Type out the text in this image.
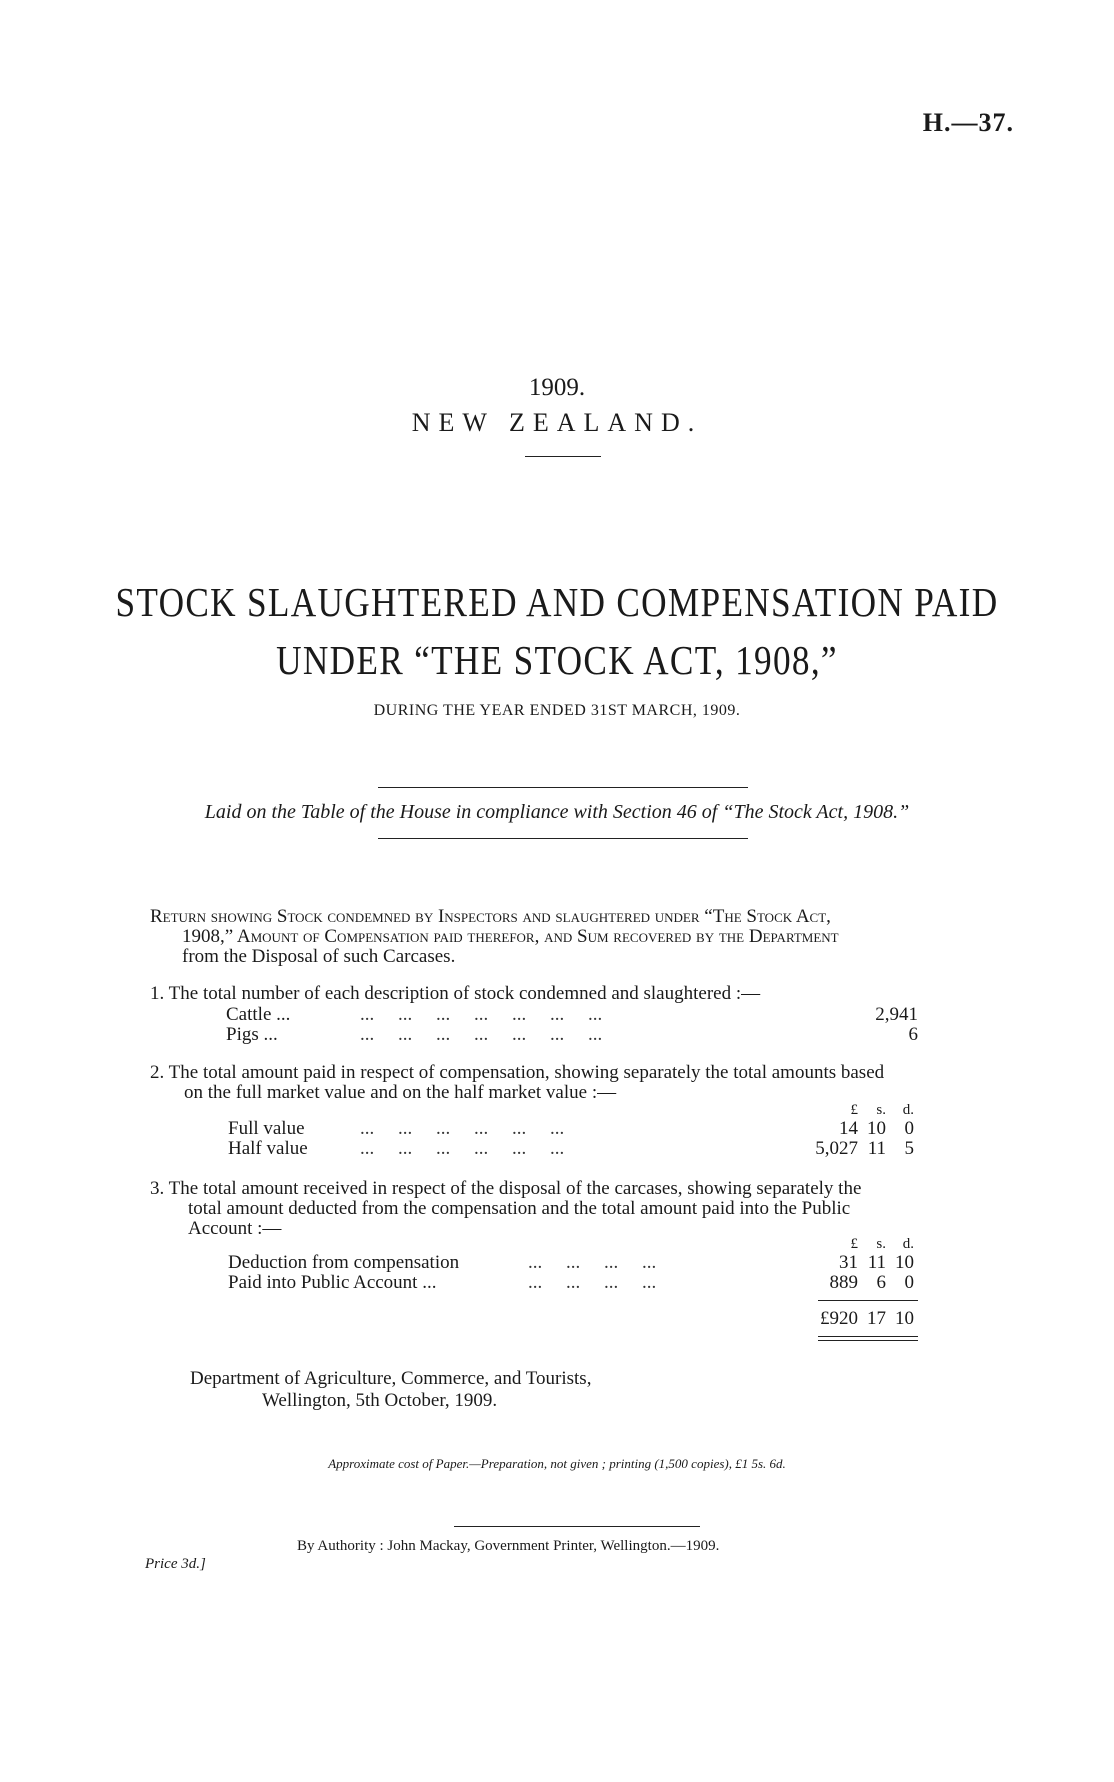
H.—37.
1909.
NEW ZEALAND.
STOCK SLAUGHTERED AND COMPENSATION PAID
UNDER “THE STOCK ACT, 1908,”
DURING THE YEAR ENDED 31ST MARCH, 1909.
Laid on the Table of the House in compliance with Section 46 of “The Stock Act, 1908.”
Return showing Stock condemned by Inspectors and slaughtered under “The Stock Act,
1908,” Amount of Compensation paid therefor, and Sum recovered by the Department
from the Disposal of such Carcases.
1. The total number of each description of stock condemned and slaughtered :—
Cattle ...	...     ...     ...     ...     ...     ...     ...	2,941
Pigs ...	...     ...     ...     ...     ...     ...     ...	6
2. The total amount paid in respect of compensation, showing separately the total amounts based
on the full market value and on the half market value :—
£ s. d.
Full value	...     ...     ...     ...     ...     ...	14 10 0
Half value	...     ...     ...     ...     ...     ...	5,027 11 5
3. The total amount received in respect of the disposal of the carcases, showing separately the
total amount deducted from the compensation and the total amount paid into the Public
Account :—
£ s. d.
Deduction from compensation	...     ...     ...     ...	31 11 10
Paid into Public Account ...	...     ...     ...     ...	889 6 0
£920 17 10
Department of Agriculture, Commerce, and Tourists,
Wellington, 5th October, 1909.
Approximate cost of Paper.—Preparation, not given ; printing (1,500 copies), £1 5s. 6d.
By Authority : John Mackay, Government Printer, Wellington.—1909.
Price 3d.]
